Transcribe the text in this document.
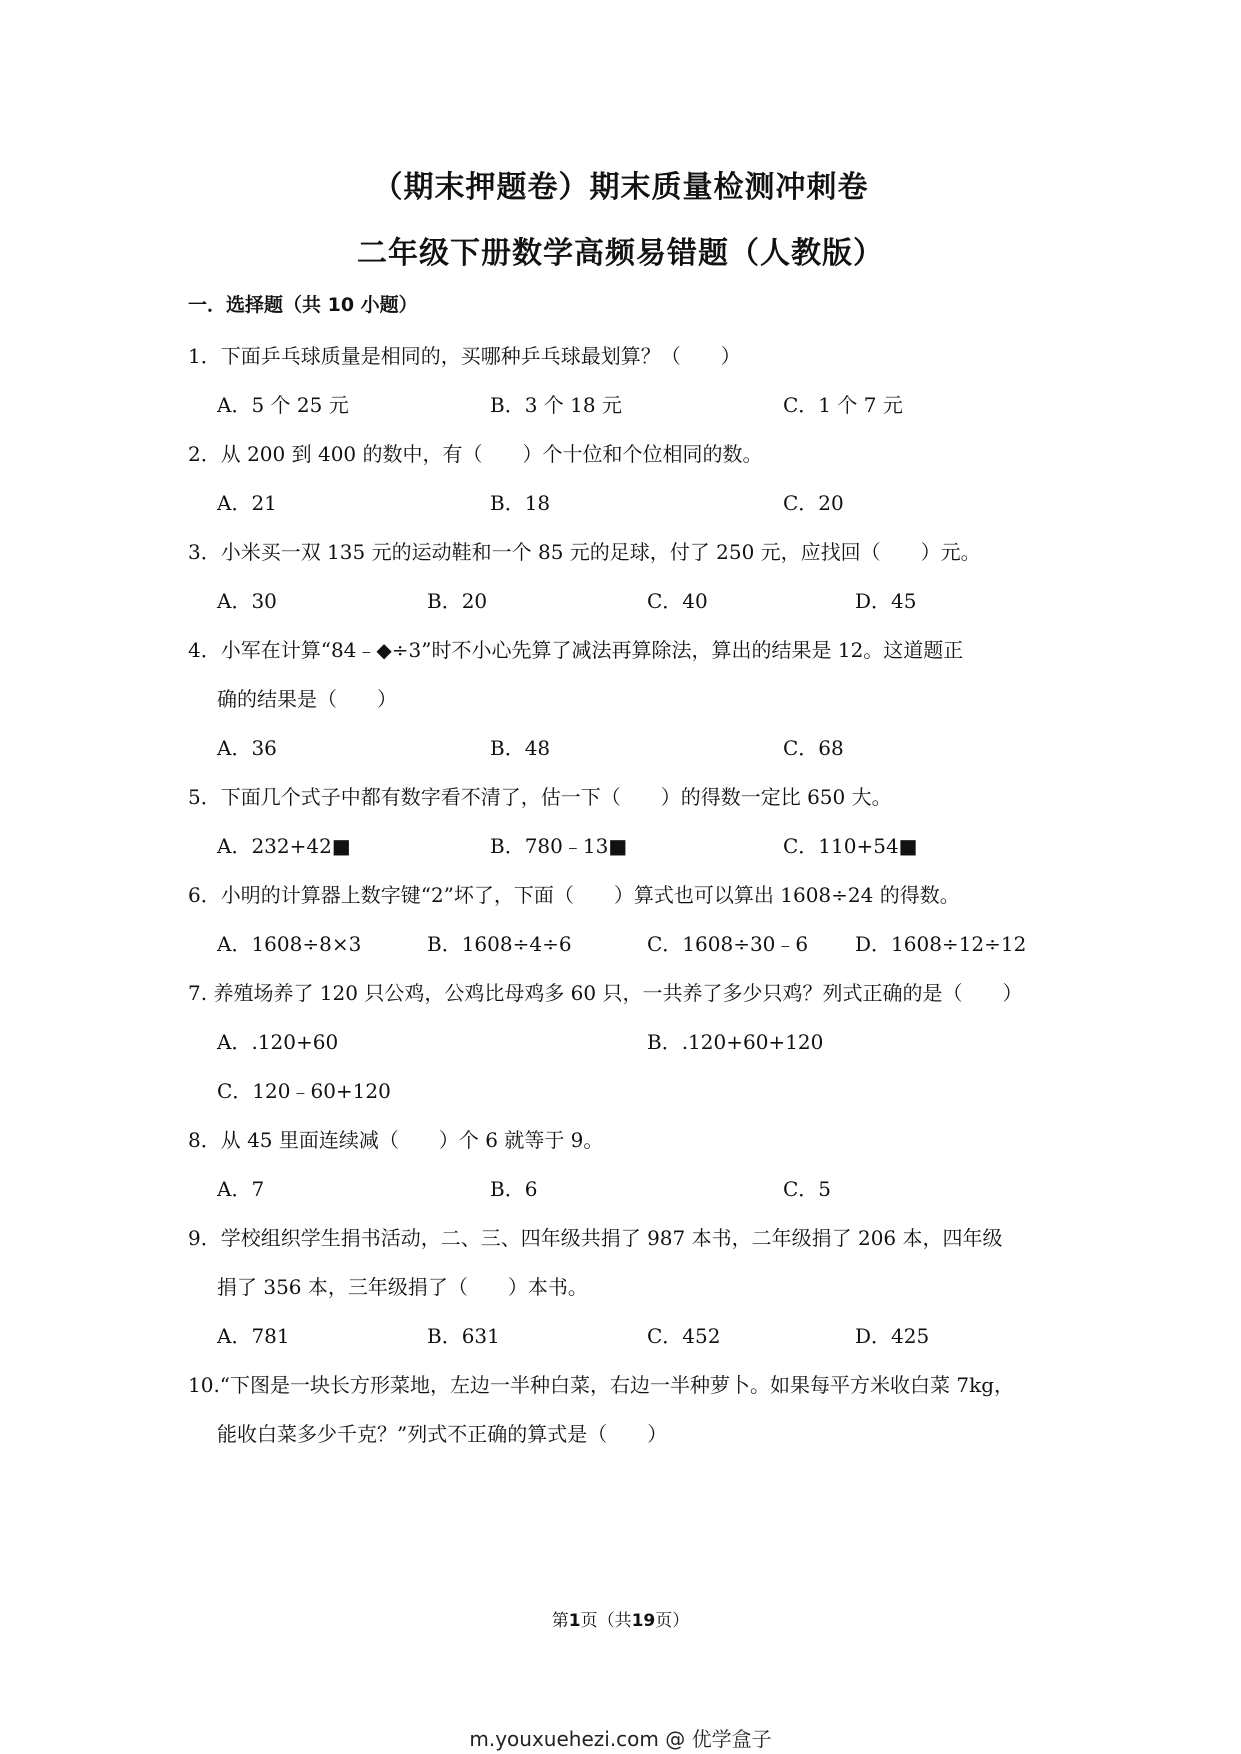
（期末押题卷）期末质量检测冲刺卷
二年级下册数学高频易错题（人教版）
一．选择题（共 10 小题）
1．下面乒乓球质量是相同的，买哪种乒乓球最划算？（　　）
A．5 个 25 元	B．3 个 18 元	C．1 个 7 元
2．从 200 到 400 的数中，有（　　）个十位和个位相同的数。
A．21	B．18	C．20
3．小米买一双 135 元的运动鞋和一个 85 元的足球，付了 250 元，应找回（　　）元。
A．30	B．20	C．40	D．45
4．小军在计算“84﹣◆÷3”时不小心先算了减法再算除法，算出的结果是 12。这道题正
确的结果是（　　）
A．36	B．48	C．68
5．下面几个式子中都有数字看不清了，估一下（　　）的得数一定比 650 大。
A．232+42■	B．780﹣13■	C．110+54■
6．小明的计算器上数字键“2”坏了，下面（　　）算式也可以算出 1608÷24 的得数。
A．1608÷8×3	B．1608÷4÷6	C．1608÷30﹣6 D．1608÷12÷12
7. 养殖场养了 120 只公鸡，公鸡比母鸡多 60 只，一共养了多少只鸡？列式正确的是（　　）
A．.120+60	B．.120+60+120
C．120﹣60+120
8．从 45 里面连续减（　　）个 6 就等于 9。
A．7	B．6	C．5
9．学校组织学生捐书活动，二、三、四年级共捐了 987 本书，二年级捐了 206 本，四年级
捐了 356 本，三年级捐了（　　）本书。
A．781	B．631	C．452	D．425
10.“下图是一块长方形菜地，左边一半种白菜，右边一半种萝卜。如果每平方米收白菜 7kg，
能收白菜多少千克？”列式不正确的算式是（　　）
第1页（共19页）
m.youxuehezi.com @ 优学盒子
